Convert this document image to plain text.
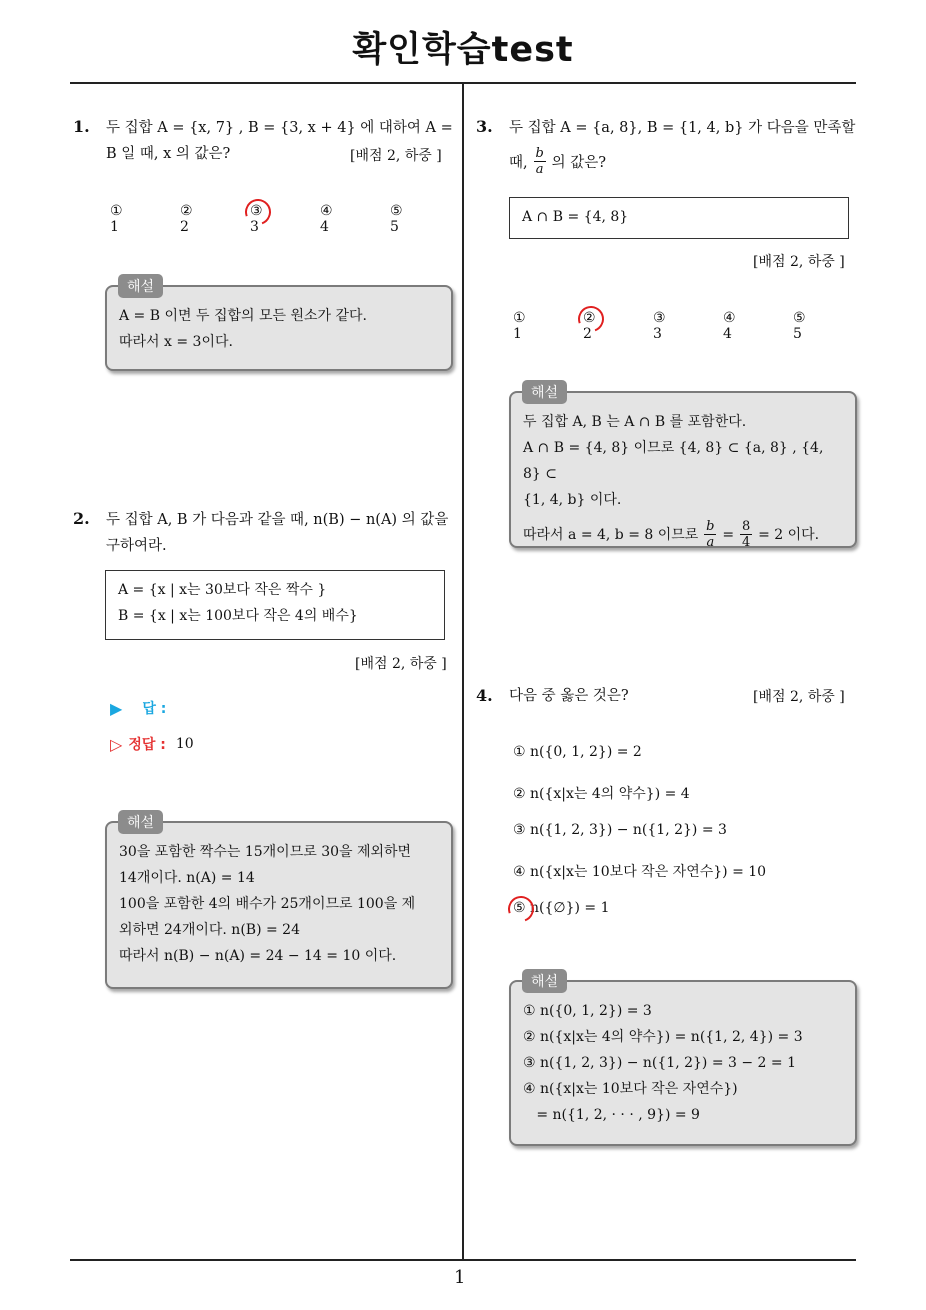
확인학습test
1
1. 두 집합 A = {x, 7} , B = {3, x + 4} 에 대하여 A =
B 일 때, x 의 값은?	[배점 2, 하중 ]
① 1
② 2
③ 3
④ 4
⑤ 5
A = B 이면 두 집합의 모든 원소가 같다.
따라서 x = 3이다.
해설
2. 두 집합 A, B 가 다음과 같을 때, n(B) − n(A) 의 값을
구하여라.
A = {x | x는 30보다 작은 짝수 }
B = {x | x는 100보다 작은 4의 배수}
[배점 2, 하중 ]
▶ 답 :
▷ 정답 : 10
30을 포함한 짝수는 15개이므로 30을 제외하면
14개이다. n(A) = 14
100을 포함한 4의 배수가 25개이므로 100을 제
외하면 24개이다. n(B) = 24
따라서 n(B) − n(A) = 24 − 14 = 10 이다.
해설
3. 두 집합 A = {a, 8}, B = {1, 4, b} 가 다음을 만족할
때,
b
a 의 값은?
A ∩ B = {4, 8}
[배점 2, 하중 ]
① 1
② 2
③ 3
④ 4
⑤ 5
두 집합 A, B 는 A ∩ B 를 포함한다.
A ∩ B = {4, 8} 이므로 {4, 8} ⊂ {a, 8} , {4, 8} ⊂
{1, 4, b} 이다.
따라서 a = 4, b = 8 이므로 b
a = 8
4 = 2 이다.
해설
4. 다음 중 옳은 것은?	[배점 2, 하중 ]
① n({0, 1, 2}) = 2
② n({x|x는 4의 약수}) = 4
③ n({1, 2, 3}) − n({1, 2}) = 3
④ n({x|x는 10보다 작은 자연수}) = 10
⑤ n({∅}) = 1
① n({0, 1, 2}) = 3
② n({x|x는 4의 약수}) = n({1, 2, 4}) = 3
③ n({1, 2, 3}) − n({1, 2}) = 3 − 2 = 1
④ n({x|x는 10보다 작은 자연수})
= n({1, 2, · · · , 9}) = 9
해설
